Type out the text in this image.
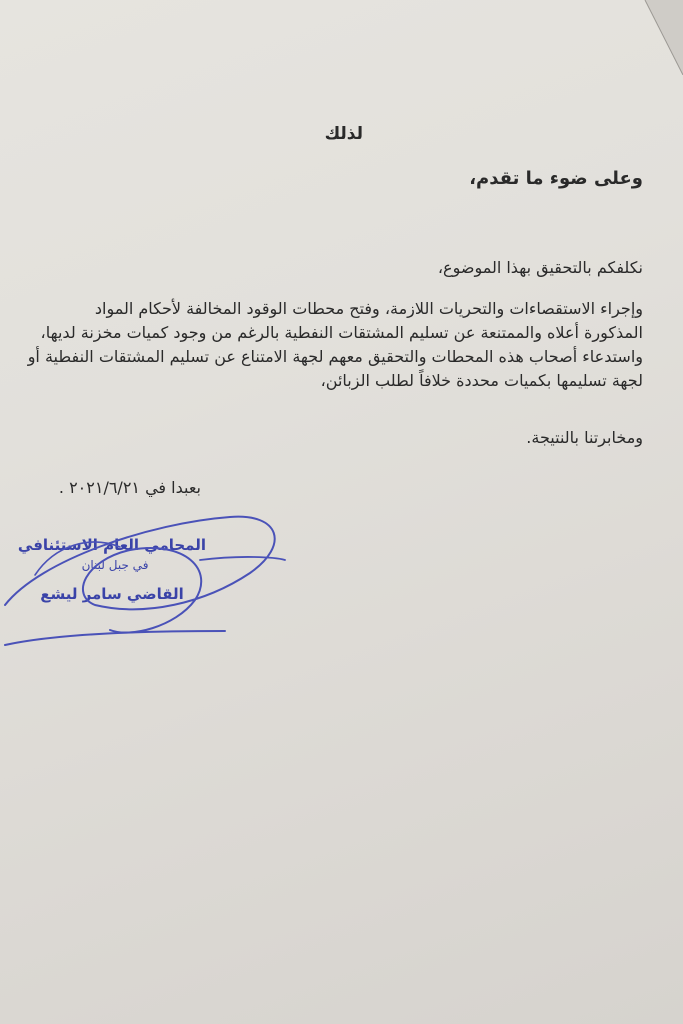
لذلك
وعلى ضوء ما تقدم،
نكلفكم بالتحقيق بهذا الموضوع،
وإجراء الاستقصاءات والتحريات اللازمة، وفتح محطات الوقود المخالفة لأحكام المواد
المذكورة أعلاه والممتنعة عن تسليم المشتقات النفطية بالرغم من وجود كميات مخزنة لديها،
واستدعاء أصحاب هذه المحطات والتحقيق معهم لجهة الامتناع عن تسليم المشتقات النفطية أو
لجهة تسليمها بكميات محددة خلافاً لطلب الزبائن،
ومخابرتنا بالنتيجة.
بعبدا في ٢٠٢١/٦/٢١ .
المحامي العام الاستئنافي
في جبل لبنان
القاضي سامر ليشع
